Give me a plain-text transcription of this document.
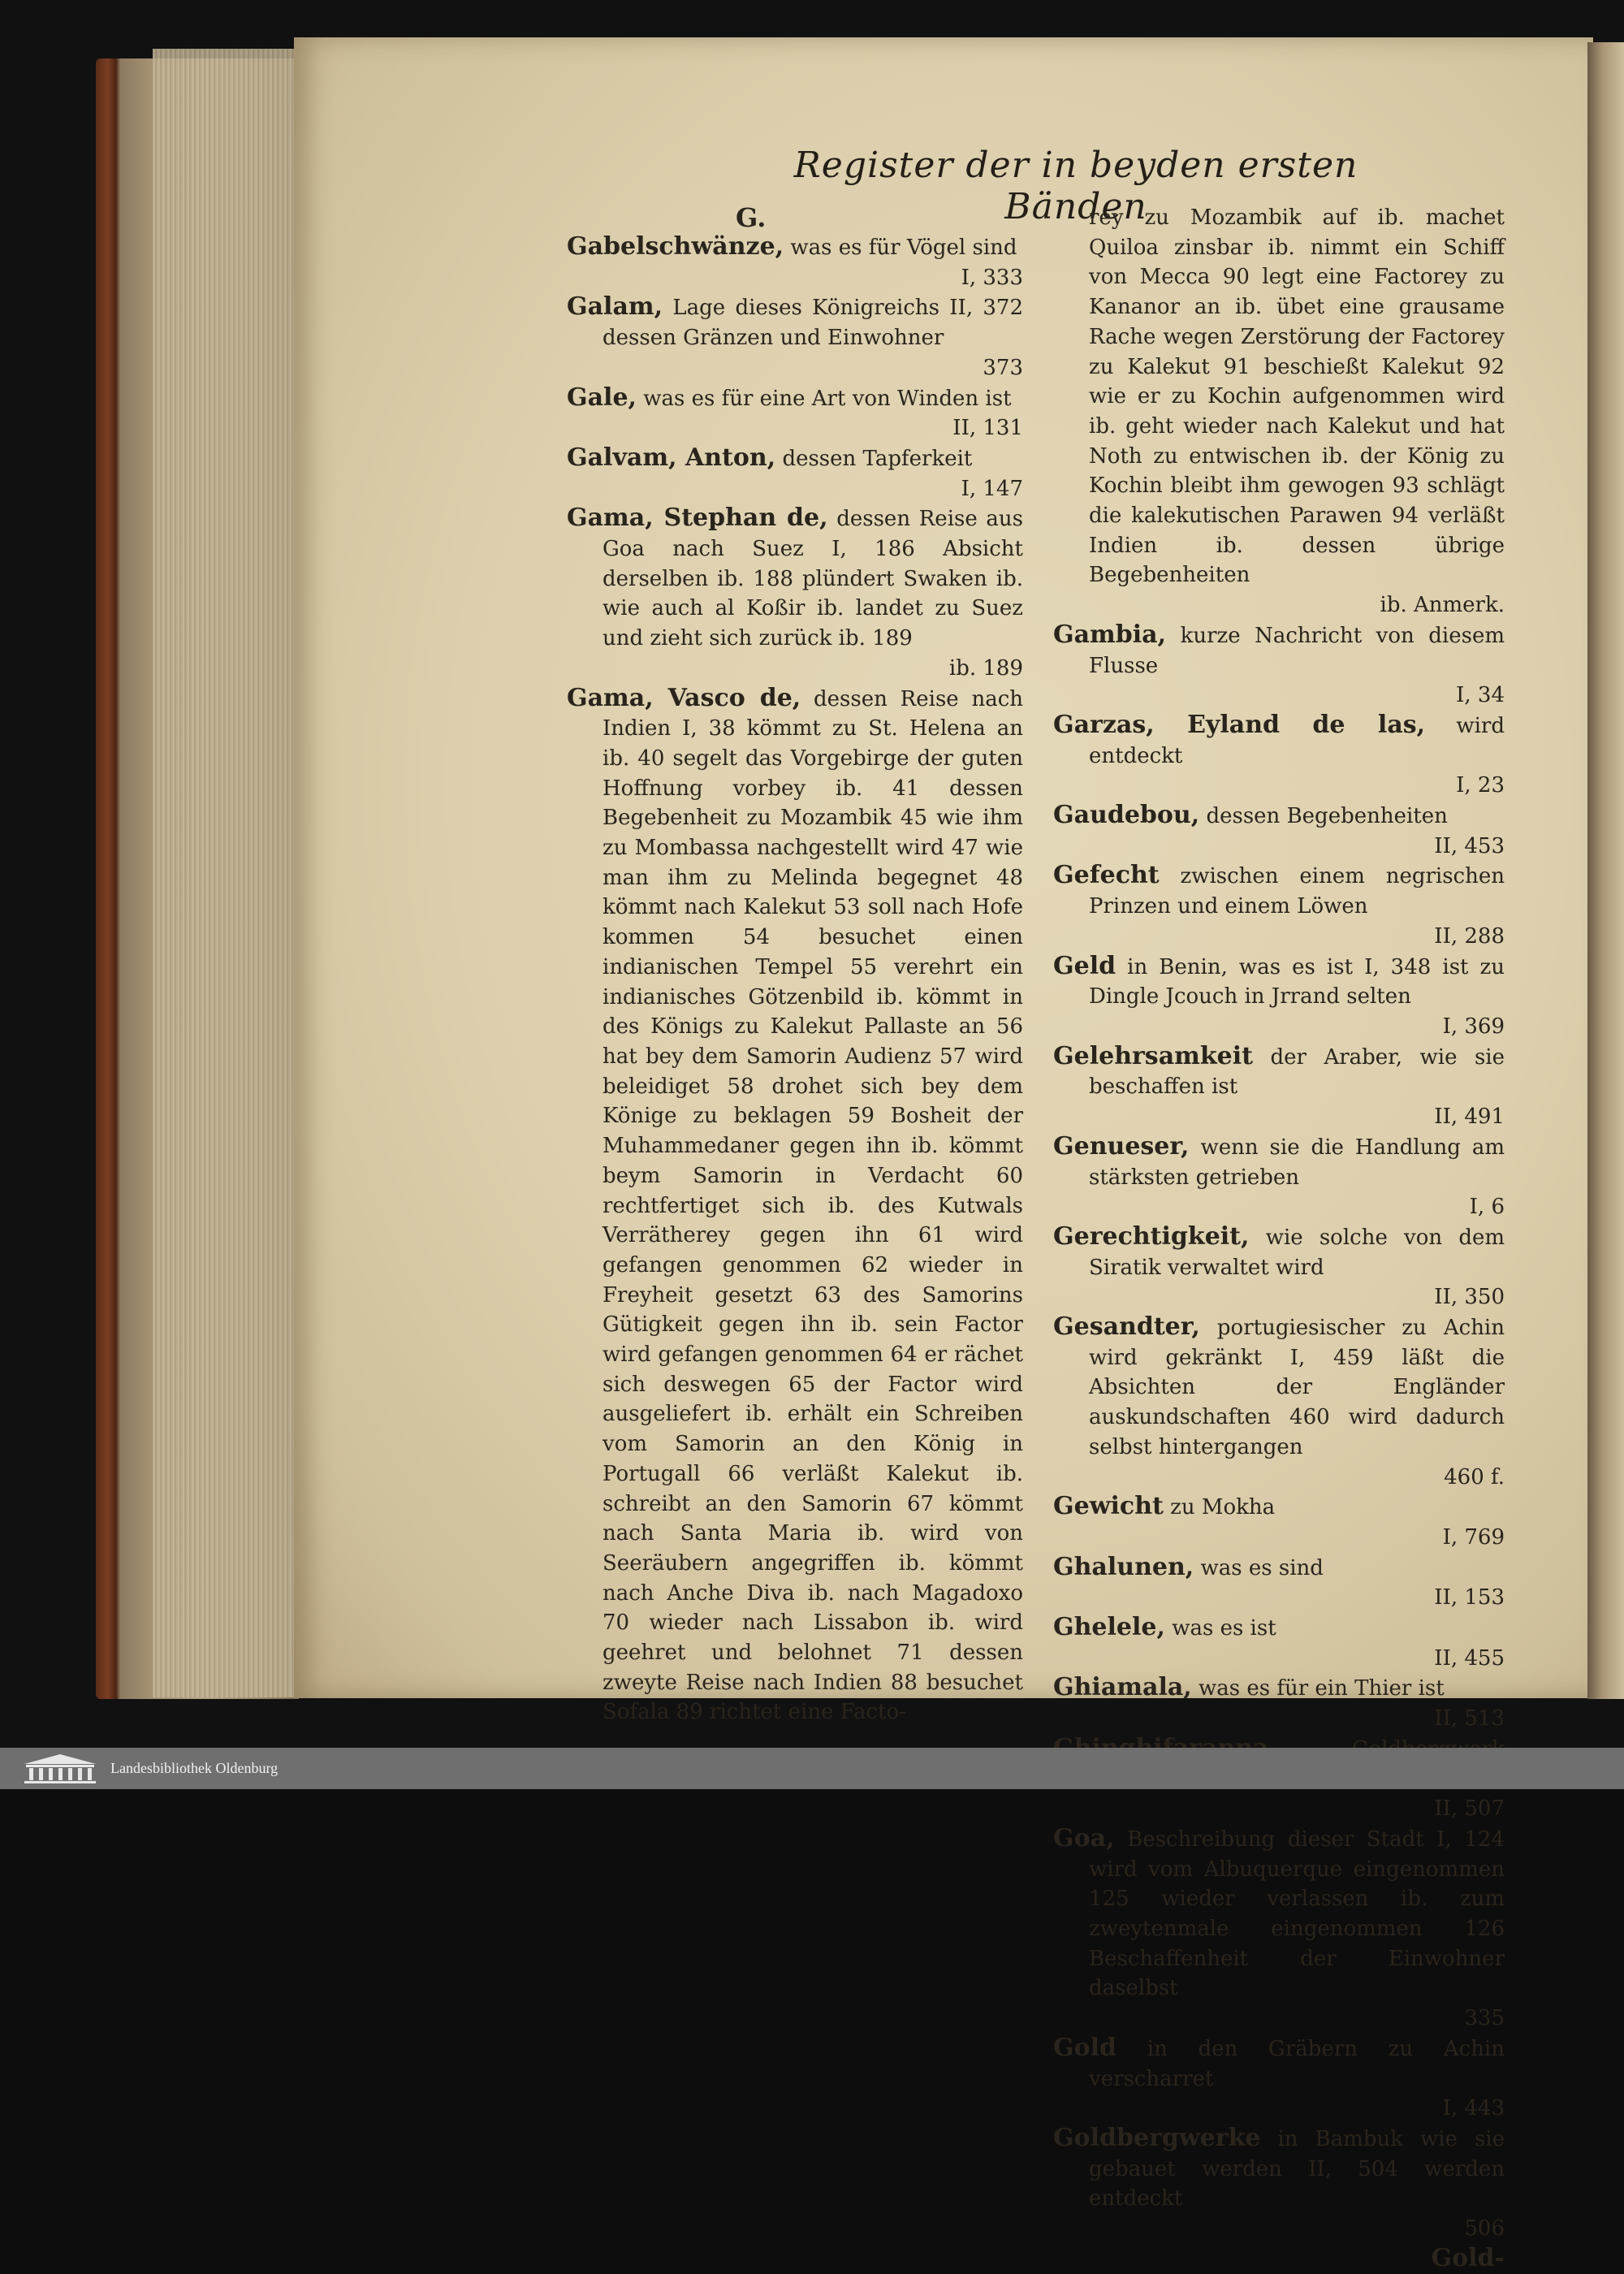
Register der in beyden ersten Bänden
G.
Gabelschwänze, was es für Vögel sind
I, 333
Galam, Lage dieses Königreichs II, 372 dessen Gränzen und Einwohner
373
Gale, was es für eine Art von Winden ist
II, 131
Galvam, Anton, dessen Tapferkeit
I, 147
Gama, Stephan de, dessen Reise aus Goa nach Suez I, 186 Absicht derselben ib. 188 plündert Swaken ib. wie auch al Koßir ib. landet zu Suez und zieht sich zurück ib. 189
ib. 189
Gama, Vasco de, dessen Reise nach Indien I, 38 kömmt zu St. Helena an ib. 40 segelt das Vorgebirge der guten Hoffnung vorbey ib. 41 dessen Begebenheit zu Mozambik 45 wie ihm zu Mombassa nachgestellt wird 47 wie man ihm zu Melinda begegnet 48 kömmt nach Kalekut 53 soll nach Hofe kommen 54 besuchet einen indianischen Tempel 55 verehrt ein indianisches Götzenbild ib. kömmt in des Königs zu Kalekut Pallaste an 56 hat bey dem Samorin Audienz 57 wird beleidiget 58 drohet sich bey dem Könige zu beklagen 59 Bosheit der Muhammedaner gegen ihn ib. kömmt beym Samorin in Verdacht 60 rechtfertiget sich ib. des Kutwals Verrätherey gegen ihn 61 wird gefangen genommen 62 wieder in Freyheit gesetzt 63 des Samorins Gütigkeit gegen ihn ib. sein Factor wird gefangen genommen 64 er rächet sich deswegen 65 der Factor wird ausgeliefert ib. erhält ein Schreiben vom Samorin an den König in Portugall 66 verläßt Kalekut ib. schreibt an den Samorin 67 kömmt nach Santa Maria ib. wird von Seeräubern angegriffen ib. kömmt nach Anche Diva ib. nach Magadoxo 70 wieder nach Lissabon ib. wird geehret und belohnet 71 dessen zweyte Reise nach Indien 88 besuchet Sofala 89 richtet eine Facto-
rey zu Mozambik auf ib. machet Quiloa zinsbar ib. nimmt ein Schiff von Mecca 90 legt eine Factorey zu Kananor an ib. übet eine grausame Rache wegen Zerstörung der Factorey zu Kalekut 91 beschießt Kalekut 92 wie er zu Kochin aufgenommen wird ib. geht wieder nach Kalekut und hat Noth zu entwischen ib. der König zu Kochin bleibt ihm gewogen 93 schlägt die kalekutischen Parawen 94 verläßt Indien ib. dessen übrige Begebenheiten
ib. Anmerk.
Gambia, kurze Nachricht von diesem Flusse
I, 34
Garzas, Eyland de las, wird entdeckt
I, 23
Gaudebou, dessen Begebenheiten
II, 453
Gefecht zwischen einem negrischen Prinzen und einem Löwen
II, 288
Geld in Benin, was es ist I, 348 ist zu Dingle Jcouch in Jrrand selten
I, 369
Gelehrsamkeit der Araber, wie sie beschaffen ist
II, 491
Genueser, wenn sie die Handlung am stärksten getrieben
I, 6
Gerechtigkeit, wie solche von dem Siratik verwaltet wird
II, 350
Gesandter, portugiesischer zu Achin wird gekränkt I, 459 läßt die Absichten der Engländer auskundschaften 460 wird dadurch selbst hintergangen
460 f.
Gewicht zu Mokha
I, 769
Ghalunen, was es sind
II, 153
Ghelele, was es ist
II, 455
Ghiamala, was es für ein Thier ist
II, 513
II, 507
Goa, Beschreibung dieser Stadt I, 124 wird vom Albuquerque eingenommen 125 wieder verlassen ib. zum zweytenmale eingenommen 126 Beschaffenheit der Einwohner daselbst
335
Gold in den Gräbern zu Achin verscharret
I, 443
Goldbergwerke in Bambuk wie sie gebauet werden II, 504 werden entdeckt
506
Gold-
Landesbibliothek Oldenburg
